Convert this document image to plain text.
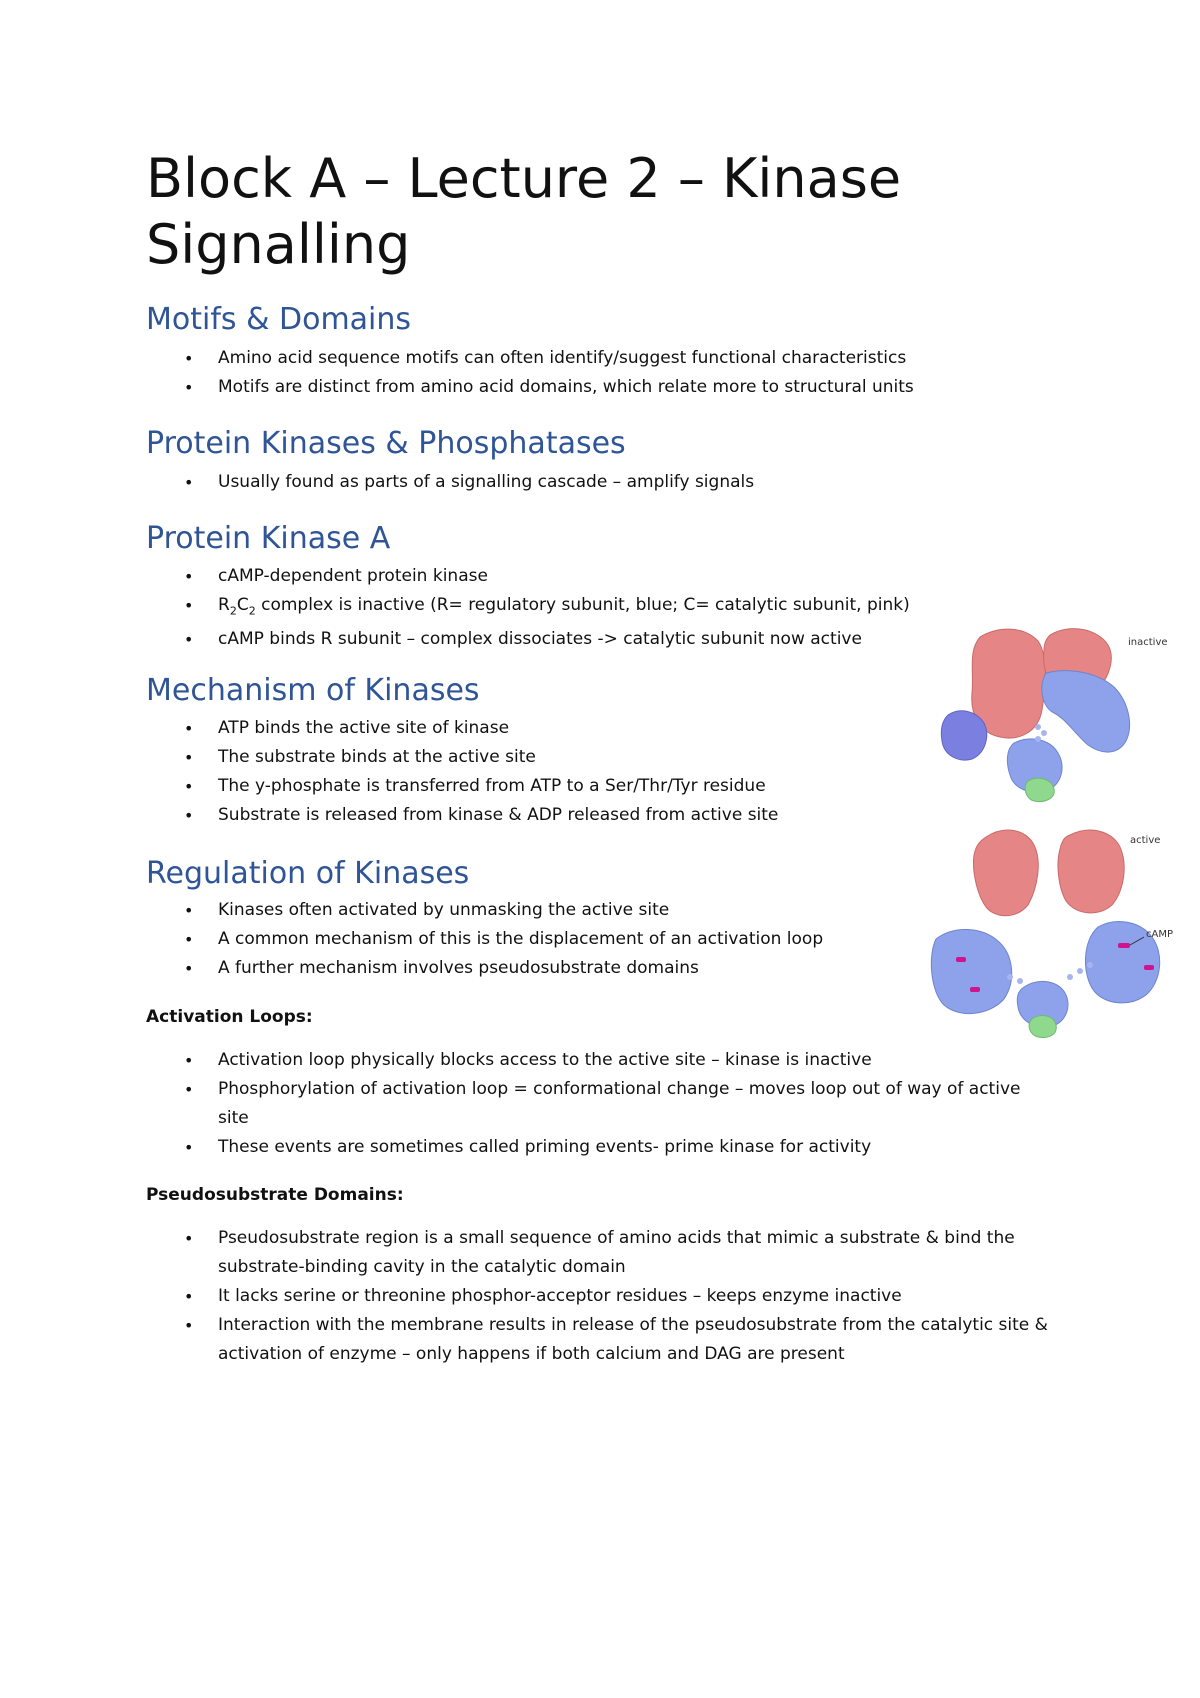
Block A – Lecture 2 – Kinase Signalling
Motifs & Domains
• Amino acid sequence motifs can often identify/suggest functional characteristics
• Motifs are distinct from amino acid domains, which relate more to structural units
Protein Kinases & Phosphatases
• Usually found as parts of a signalling cascade – amplify signals
Protein Kinase A
• cAMP-dependent protein kinase
• $R_2C_2$ complex is inactive (R= regulatory subunit, blue; C= catalytic subunit, pink)
• cAMP binds R subunit – complex dissociates -> catalytic subunit now active
Mechanism of Kinases
• ATP binds the active site of kinase
• The substrate binds at the active site
• The y-phosphate is transferred from ATP to a Ser/Thr/Tyr residue
• Substrate is released from kinase & ADP released from active site
Regulation of Kinases
• Kinases often activated by unmasking the active site
• A common mechanism of this is the displacement of an activation loop
• A further mechanism involves pseudosubstrate domains
Activation Loops:
• Activation loop physically blocks access to the active site – kinase is inactive
• Phosphorylation of activation loop = conformational change – moves loop out of way of active site
• These events are sometimes called priming events- prime kinase for activity
Pseudosubstrate Domains:
• Pseudosubstrate region is a small sequence of amino acids that mimic a substrate & bind the substrate-binding cavity in the catalytic domain
• It lacks serine or threonine phosphor-acceptor residues – keeps enzyme inactive
• Interaction with the membrane results in release of the pseudosubstrate from the catalytic site & activation of enzyme – only happens if both calcium and DAG are present
inactive
cAMP
active
